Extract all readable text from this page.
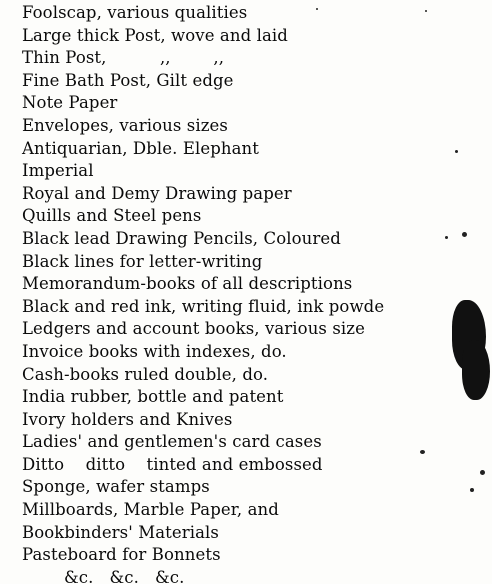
Foolscap, various qualities
Large thick Post, wove and laid
Thin Post,          ,,        ,,
Fine Bath Post, Gilt edge
Note Paper
Envelopes, various sizes
Antiquarian, Dble. Elephant
Imperial
Royal and Demy Drawing paper
Quills and Steel pens
Black lead Drawing Pencils, Coloured
Black lines for letter-writing
Memorandum-books of all descriptions
Black and red ink, writing fluid, ink powde
Ledgers and account books, various size
Invoice books with indexes, do.
Cash-books ruled double, do.
India rubber, bottle and patent
Ivory holders and Knives
Ladies' and gentlemen's card cases
Ditto    ditto    tinted and embossed
Sponge, wafer stamps
Millboards, Marble Paper, and
Bookbinders' Materials
Pasteboard for Bonnets
&c.   &c.   &c.
